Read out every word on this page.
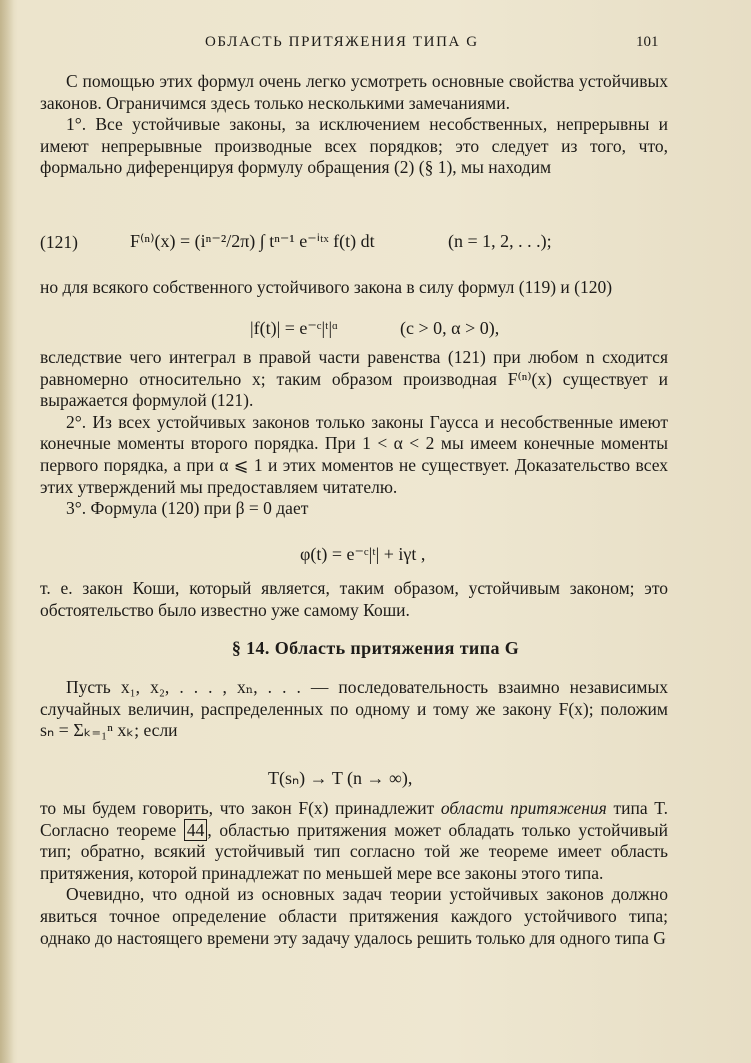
ОБЛАСТЬ ПРИТЯЖЕНИЯ ТИПА G	101

С помощью этих формул очень легко усмотреть основные свойства устойчивых законов. Ограничимся здесь только несколькими замечаниями.

1°. Все устойчивые законы, за исключением несобственных, непрерывны и имеют непрерывные производные всех порядков; это следует из того, что, формально диференцируя формулу обращения (2) (§ 1), мы находим

(121)	F⁽ⁿ⁾(x) = (iⁿ⁻²/2π) ∫ tⁿ⁻¹ e⁻ⁱᵗˣ f(t) dt	(n = 1, 2, . . .);

но для всякого собственного устойчивого закона в силу формул (119) и (120)

|f(t)| = e⁻ᶜ|ᵗ|ᵅ	(c > 0, α > 0),

вследствие чего интеграл в правой части равенства (121) при любом n сходится равномерно относительно x; таким образом производная F⁽ⁿ⁾(x) существует и выражается формулой (121).

2°. Из всех устойчивых законов только законы Гаусса и несобственные имеют конечные моменты второго порядка. При 1 < α < 2 мы имеем конечные моменты первого порядка, а при α ⩽ 1 и этих моментов не существует. Доказательство всех этих утверждений мы предоставляем читателю.

3°. Формула (120) при β = 0 дает

φ(t) = e⁻ᶜ|ᵗ| + iγt ,

т. е. закон Коши, который является, таким образом, устойчивым законом; это обстоятельство было известно уже самому Коши.

§ 14. Область притяжения типа G

Пусть x₁, x₂, . . . , xₙ, . . . — последовательность взаимно независимых случайных величин, распределенных по одному и тому же закону F(x); положим sₙ = Σₖ₌₁ⁿ xₖ; если

T(sₙ) → T (n → ∞),

то мы будем говорить, что закон F(x) принадлежит области притяжения типа T. Согласно теореме 44 , областью притяжения может обладать только устойчивый тип; обратно, всякий устойчивый тип согласно той же теореме имеет область притяжения, которой принадлежат по меньшей мере все законы этого типа.

Очевидно, что одной из основных задач теории устойчивых законов должно явиться точное определение области притяжения каждого устойчивого типа; однако до настоящего времени эту задачу удалось решить только для одного типа G
